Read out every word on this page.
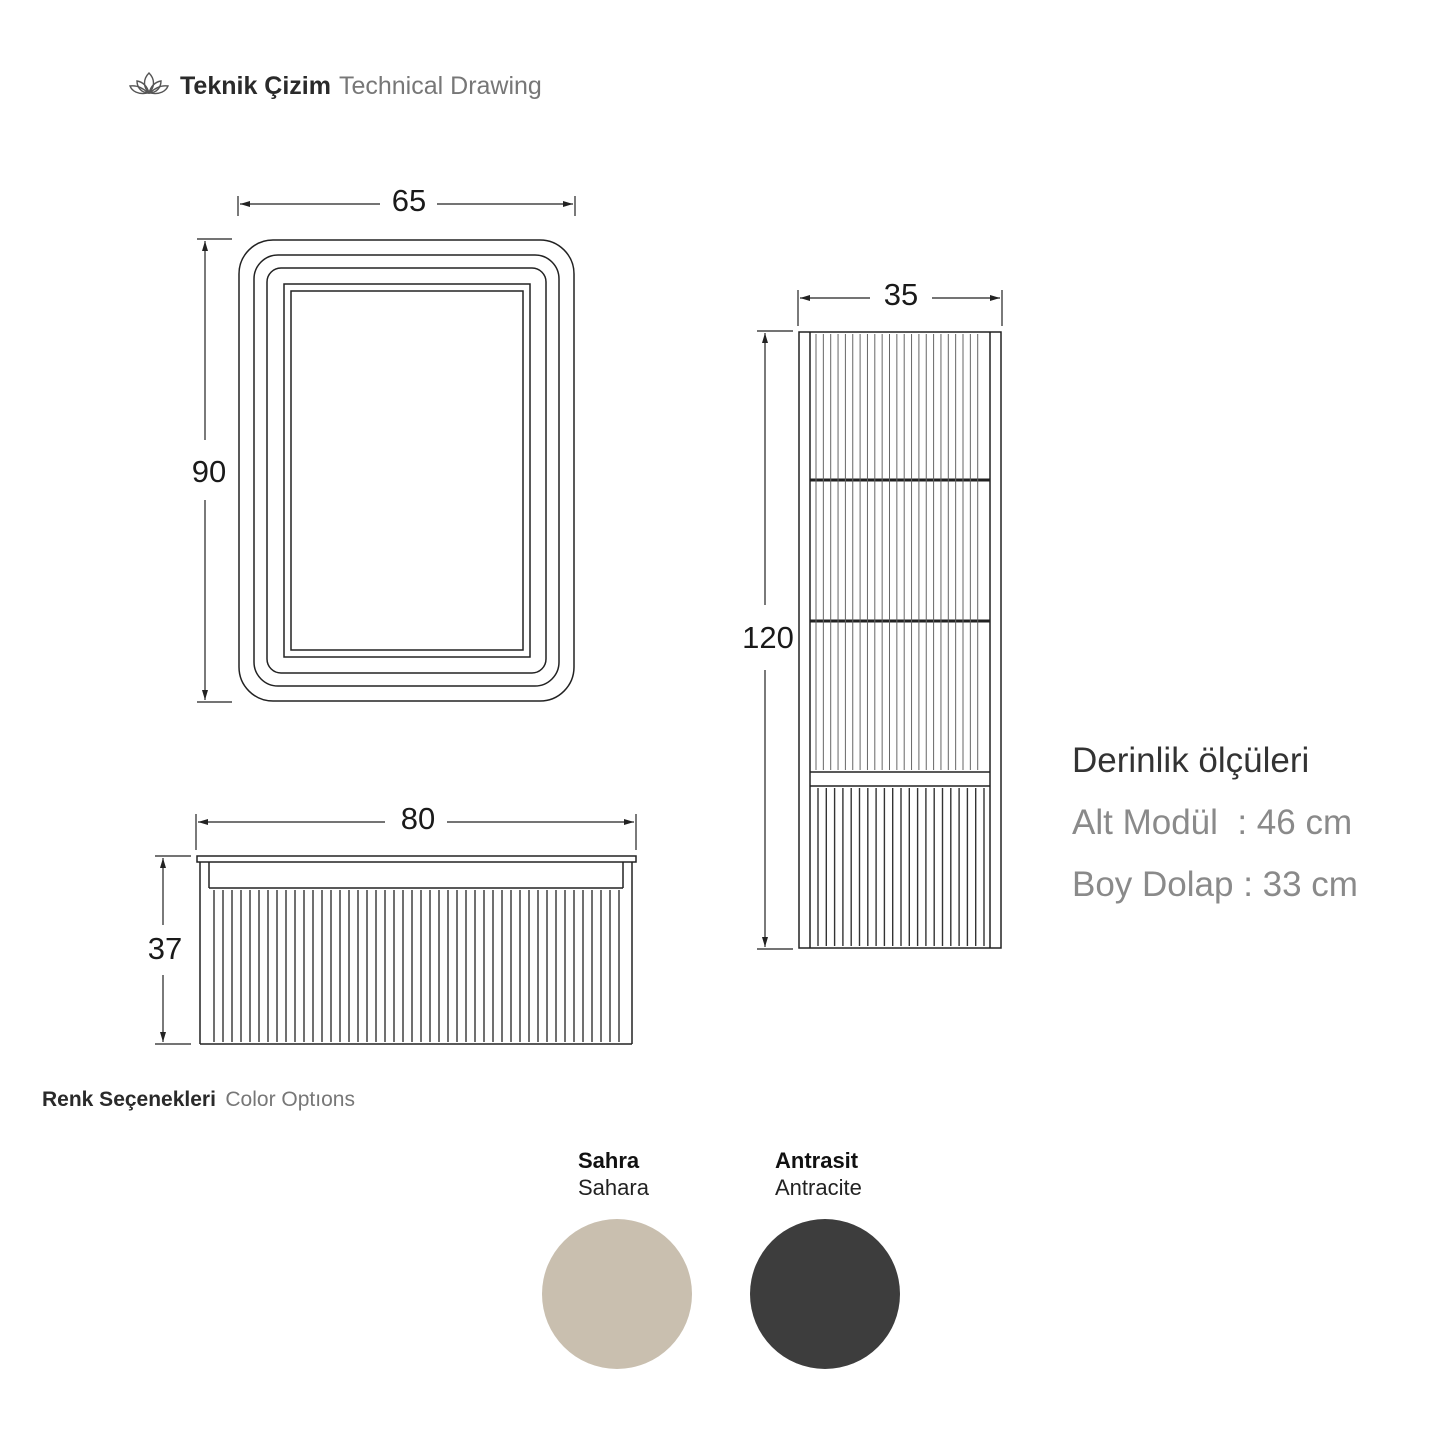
Teknik Çizim Technical Drawing
65
90
35
120
80
37
Derinlik ölçüleri
Alt Modül  : 46 cm
Boy Dolap : 33 cm
Renk Seçenekleri Color Optıons
Sahra
Sahara
Antrasit
Antracite
